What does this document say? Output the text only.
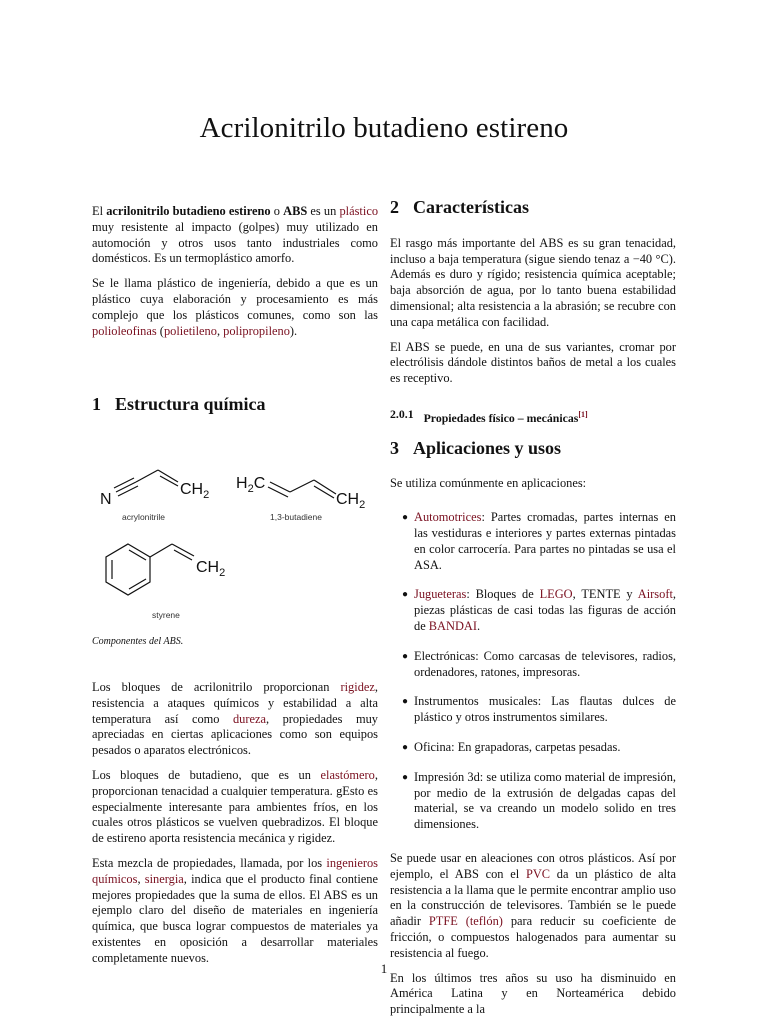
Acrilonitrilo butadieno estireno

El acrilonitrilo butadieno estireno o ABS es un plástico muy resistente al impacto (golpes) muy utilizado en automoción y otros usos tanto industriales como domésticos. Es un termoplástico amorfo.

Se le llama plástico de ingeniería, debido a que es un plástico cuya elaboración y procesamiento es más complejo que los plásticos comunes, como son las polioleofinas (polietileno, polipropileno).

1 Estructura química
N
$CH_2$
acrylonitrile
$H_2C$
$CH_2$
1,3-butadiene
$CH_2$
styrene
Componentes del ABS.

Los bloques de acrilonitrilo proporcionan rigidez, resistencia a ataques químicos y estabilidad a alta temperatura así como dureza, propiedades muy apreciadas en ciertas aplicaciones como son equipos pesados o aparatos electrónicos.

Los bloques de butadieno, que es un elastómero, proporcionan tenacidad a cualquier temperatura. gEsto es especialmente interesante para ambientes fríos, en los cuales otros plásticos se vuelven quebradizos. El bloque de estireno aporta resistencia mecánica y rigidez.

Esta mezcla de propiedades, llamada, por los ingenieros químicos, sinergia, indica que el producto final contiene mejores propiedades que la suma de ellos. El ABS es un ejemplo claro del diseño de materiales en ingeniería química, que busca lograr compuestos de materiales ya existentes en oposición a desarrollar materiales completamente nuevos.

2 Características

El rasgo más importante del ABS es su gran tenacidad, incluso a baja temperatura (sigue siendo tenaz a −40 °C). Además es duro y rígido; resistencia química aceptable; baja absorción de agua, por lo tanto buena estabilidad dimensional; alta resistencia a la abrasión; se recubre con una capa metálica con facilidad.

El ABS se puede, en una de sus variantes, cromar por electrólisis dándole distintos baños de metal a los cuales es receptivo.

2.0.1 Propiedades físico – mecánicas[1]
3 Aplicaciones y usos

Se utiliza comúnmente en aplicaciones:

● Automotrices: Partes cromadas, partes internas en las vestiduras e interiores y partes externas pintadas en color carrocería. Para partes no pintadas se usa el ASA.
● Jugueteras: Bloques de LEGO, TENTE y Airsoft, piezas plásticas de casi todas las figuras de acción de BANDAI.
● Electrónicas: Como carcasas de televisores, radios, ordenadores, ratones, impresoras.
● Instrumentos musicales: Las flautas dulces de plástico y otros instrumentos similares.
● Oficina: En grapadoras, carpetas pesadas.
● Impresión 3d: se utiliza como material de impresión, por medio de la extrusión de delgadas capas del material, se va creando un modelo solido en tres dimensiones.

Se puede usar en aleaciones con otros plásticos. Así por ejemplo, el ABS con el PVC da un plástico de alta resistencia a la llama que le permite encontrar amplio uso en la construcción de televisores. También se le puede añadir PTFE (teflón) para reducir su coeficiente de fricción, o compuestos halogenados para aumentar su resistencia al fuego.

En los últimos tres años su uso ha disminuido en América Latina y en Norteamérica debido principalmente a la

1
